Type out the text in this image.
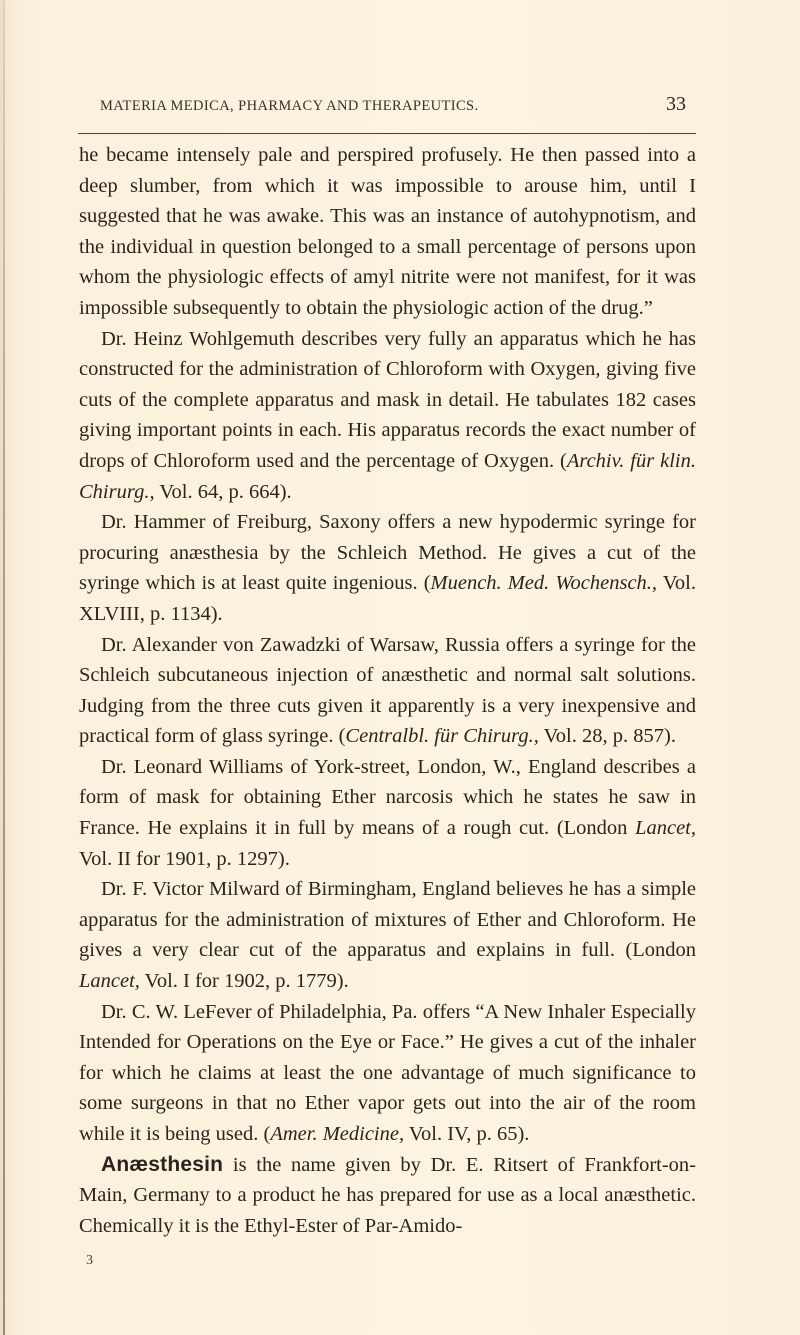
MATERIA MEDICA, PHARMACY AND THERAPEUTICS.	33

he became intensely pale and perspired profusely. He then passed into a deep slumber, from which it was impossible to arouse him, until I suggested that he was awake. This was an instance of autohypnotism, and the individual in question belonged to a small percentage of persons upon whom the physiologic effects of amyl nitrite were not manifest, for it was impossible subsequently to obtain the physiologic action of the drug.”

Dr. Heinz Wohlgemuth describes very fully an apparatus which he has constructed for the administration of Chloroform with Oxygen, giving five cuts of the complete apparatus and mask in detail. He tabulates 182 cases giving important points in each. His apparatus records the exact number of drops of Chloroform used and the percentage of Oxygen. (Archiv. für klin. Chirurg., Vol. 64, p. 664).

Dr. Hammer of Freiburg, Saxony offers a new hypodermic syringe for procuring anæsthesia by the Schleich Method. He gives a cut of the syringe which is at least quite ingenious. (Muench. Med. Wochensch., Vol. XLVIII, p. 1134).

Dr. Alexander von Zawadzki of Warsaw, Russia offers a syringe for the Schleich subcutaneous injection of anæsthetic and normal salt solutions. Judging from the three cuts given it apparently is a very inexpensive and practical form of glass syringe. (Centralbl. für Chirurg., Vol. 28, p. 857).

Dr. Leonard Williams of York-street, London, W., England describes a form of mask for obtaining Ether narcosis which he states he saw in France. He explains it in full by means of a rough cut. (London Lancet, Vol. II for 1901, p. 1297).

Dr. F. Victor Milward of Birmingham, England believes he has a simple apparatus for the administration of mixtures of Ether and Chloroform. He gives a very clear cut of the apparatus and explains in full. (London Lancet, Vol. I for 1902, p. 1779).

Dr. C. W. LeFever of Philadelphia, Pa. offers “A New Inhaler Especially Intended for Operations on the Eye or Face.” He gives a cut of the inhaler for which he claims at least the one advantage of much significance to some surgeons in that no Ether vapor gets out into the air of the room while it is being used. (Amer. Medicine, Vol. IV, p. 65).

Anæsthesin is the name given by Dr. E. Ritsert of Frankfort-on-Main, Germany to a product he has prepared for use as a local anæsthetic. Chemically it is the Ethyl-Ester of Par-Amido-

3
